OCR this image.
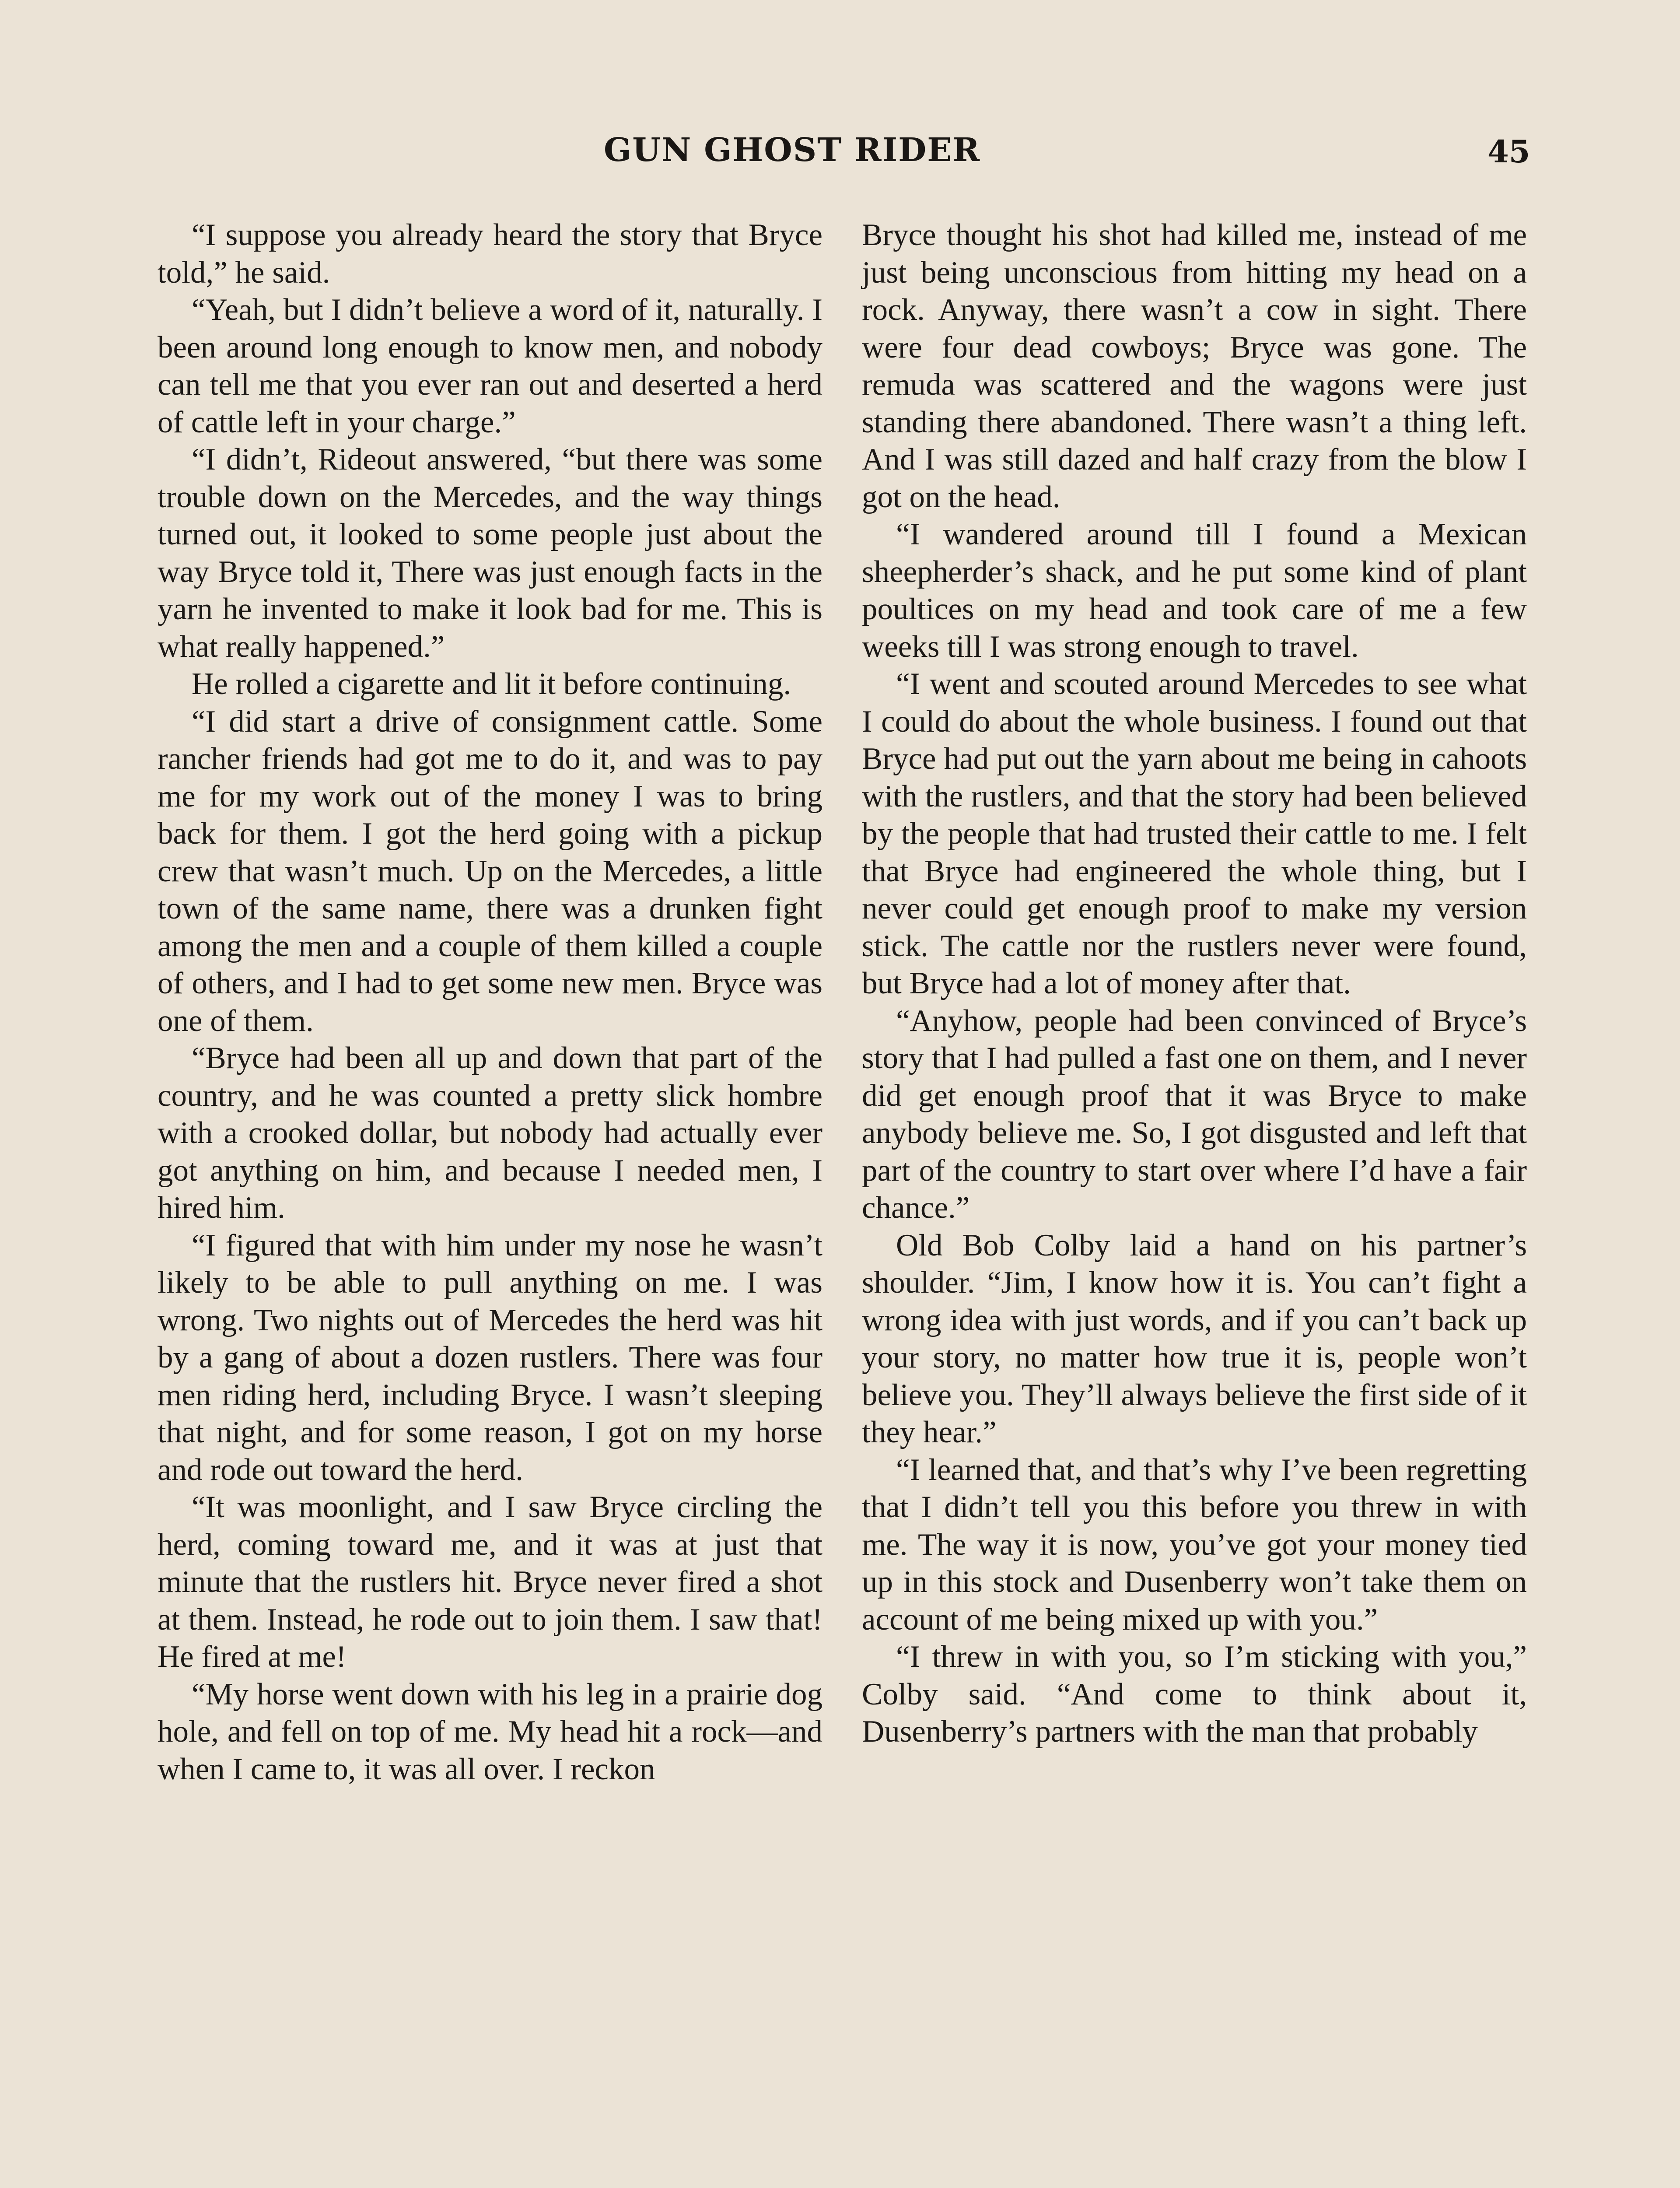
GUN GHOST RIDER	45

“I suppose you already heard the story that Bryce told,” he said.

“Yeah, but I didn’t believe a word of it, naturally. I been around long enough to know men, and nobody can tell me that you ever ran out and deserted a herd of cattle left in your charge.”

“I didn’t, Rideout answered, “but there was some trouble down on the Mercedes, and the way things turned out, it looked to some people just about the way Bryce told it, There was just enough facts in the yarn he invented to make it look bad for me. This is what really happened.”

He rolled a cigarette and lit it before continuing.

“I did start a drive of consignment cattle. Some rancher friends had got me to do it, and was to pay me for my work out of the money I was to bring back for them. I got the herd going with a pickup crew that wasn’t much. Up on the Mercedes, a little town of the same name, there was a drunken fight among the men and a couple of them killed a couple of others, and I had to get some new men. Bryce was one of them.

“Bryce had been all up and down that part of the country, and he was counted a pretty slick hombre with a crooked dollar, but nobody had actually ever got anything on him, and because I needed men, I hired him.

“I figured that with him under my nose he wasn’t likely to be able to pull anything on me. I was wrong. Two nights out of Mercedes the herd was hit by a gang of about a dozen rustlers. There was four men riding herd, including Bryce. I wasn’t sleeping that night, and for some reason, I got on my horse and rode out toward the herd.

“It was moonlight, and I saw Bryce circling the herd, coming toward me, and it was at just that minute that the rustlers hit. Bryce never fired a shot at them. Instead, he rode out to join them. I saw that! He fired at me!

“My horse went down with his leg in a prairie dog hole, and fell on top of me. My head hit a rock—and when I came to, it was all over. I reckon

Bryce thought his shot had killed me, instead of me just being unconscious from hitting my head on a rock. Anyway, there wasn’t a cow in sight. There were four dead cowboys; Bryce was gone. The remuda was scattered and the wagons were just standing there abandoned. There wasn’t a thing left. And I was still dazed and half crazy from the blow I got on the head.

“I wandered around till I found a Mexican sheepherder’s shack, and he put some kind of plant poultices on my head and took care of me a few weeks till I was strong enough to travel.

“I went and scouted around Mercedes to see what I could do about the whole business. I found out that Bryce had put out the yarn about me being in cahoots with the rustlers, and that the story had been believed by the people that had trusted their cattle to me. I felt that Bryce had engineered the whole thing, but I never could get enough proof to make my version stick. The cattle nor the rustlers never were found, but Bryce had a lot of money after that.

“Anyhow, people had been convinced of Bryce’s story that I had pulled a fast one on them, and I never did get enough proof that it was Bryce to make anybody believe me. So, I got disgusted and left that part of the country to start over where I’d have a fair chance.”

Old Bob Colby laid a hand on his partner’s shoulder. “Jim, I know how it is. You can’t fight a wrong idea with just words, and if you can’t back up your story, no matter how true it is, people won’t believe you. They’ll always believe the first side of it they hear.”

“I learned that, and that’s why I’ve been regretting that I didn’t tell you this before you threw in with me. The way it is now, you’ve got your money tied up in this stock and Dusenberry won’t take them on account of me being mixed up with you.”

“I threw in with you, so I’m sticking with you,” Colby said. “And come to think about it, Dusenberry’s partners with the man that probably
